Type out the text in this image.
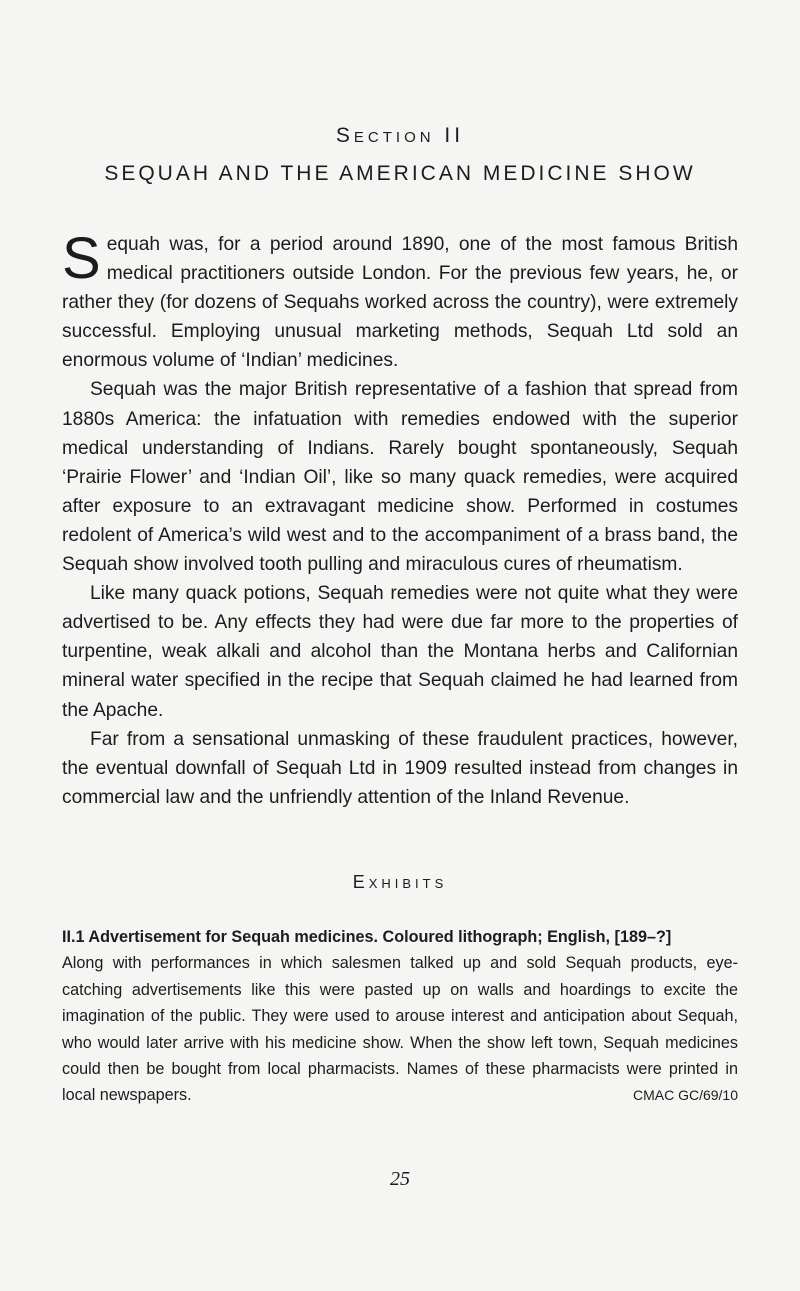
Section II
SEQUAH AND THE AMERICAN MEDICINE SHOW

Sequah was, for a period around 1890, one of the most famous British medical practitioners outside London. For the previous few years, he, or rather they (for dozens of Sequahs worked across the country), were extremely successful. Employing unusual marketing methods, Sequah Ltd sold an enormous volume of ‘Indian’ medicines.

Sequah was the major British representative of a fashion that spread from 1880s America: the infatuation with remedies endowed with the superior medical understanding of Indians. Rarely bought spontaneously, Sequah ‘Prairie Flower’ and ‘Indian Oil’, like so many quack remedies, were acquired after exposure to an extravagant medicine show. Performed in costumes redolent of America’s wild west and to the accompaniment of a brass band, the Sequah show involved tooth pulling and miraculous cures of rheumatism.

Like many quack potions, Sequah remedies were not quite what they were advertised to be. Any effects they had were due far more to the properties of turpentine, weak alkali and alcohol than the Montana herbs and Californian mineral water specified in the recipe that Sequah claimed he had learned from the Apache.

Far from a sensational unmasking of these fraudulent practices, however, the eventual downfall of Sequah Ltd in 1909 resulted instead from changes in commercial law and the unfriendly attention of the Inland Revenue.

Exhibits
II.1 Advertisement for Sequah medicines. Coloured lithograph; English, [189–?]
Along with performances in which salesmen talked up and sold Sequah products, eye-catching advertisements like this were pasted up on walls and hoardings to excite the imagination of the public. They were used to arouse interest and anticipation about Sequah, who would later arrive with his medicine show. When the show left town, Sequah medicines could then be bought from local pharmacists. Names of these pharmacists were printed in local newspapers.	CMAC GC/69/10
25
